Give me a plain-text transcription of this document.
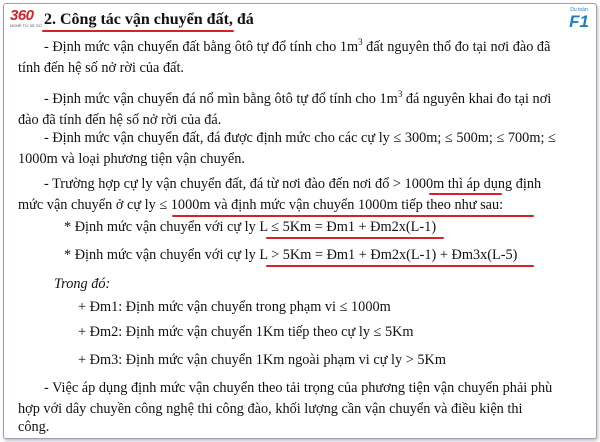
360
NGHỀ TỪ XẾ SỐ
Du toán
F1
2. Công tác vận chuyển đất, đá
- Định mức vận chuyển đất bằng ôtô tự đổ tính cho $1m^3$ đất nguyên thổ đo tại nơi đào đã
tính đến hệ số nở rời của đất.
- Định mức vận chuyển đá nổ mìn bằng ôtô tự đổ tính cho $1m^3$ đá nguyên khai đo tại nơi
đào đã tính đến hệ số nở rời của đá.
- Định mức vận chuyển đất, đá được định mức cho các cự ly ≤ 300m; ≤ 500m; ≤ 700m; ≤
1000m và loại phương tiện vận chuyển.
- Trường hợp cự ly vận chuyển đất, đá từ nơi đào đến nơi đổ > 1000m thì áp dụng định
mức vận chuyển ở cự ly ≤ 1000m và định mức vận chuyển 1000m tiếp theo như sau:
* Định mức vận chuyển với cự ly L ≤ 5Km = Đm1 + Đm2x(L-1)
* Định mức vận chuyển với cự ly L > 5Km = Đm1 + Đm2x(L-1) + Đm3x(L-5)
Trong đó:
+ Đm1: Định mức vận chuyển trong phạm vi ≤ 1000m
+ Đm2: Định mức vận chuyển 1Km tiếp theo cự ly ≤ 5Km
+ Đm3: Định mức vận chuyển 1Km ngoài phạm vi cự ly > 5Km
- Việc áp dụng định mức vận chuyển theo tải trọng của phương tiện vận chuyển phải phù
hợp với dây chuyền công nghệ thi công đào, khối lượng cần vận chuyển và điều kiện thi
công.
